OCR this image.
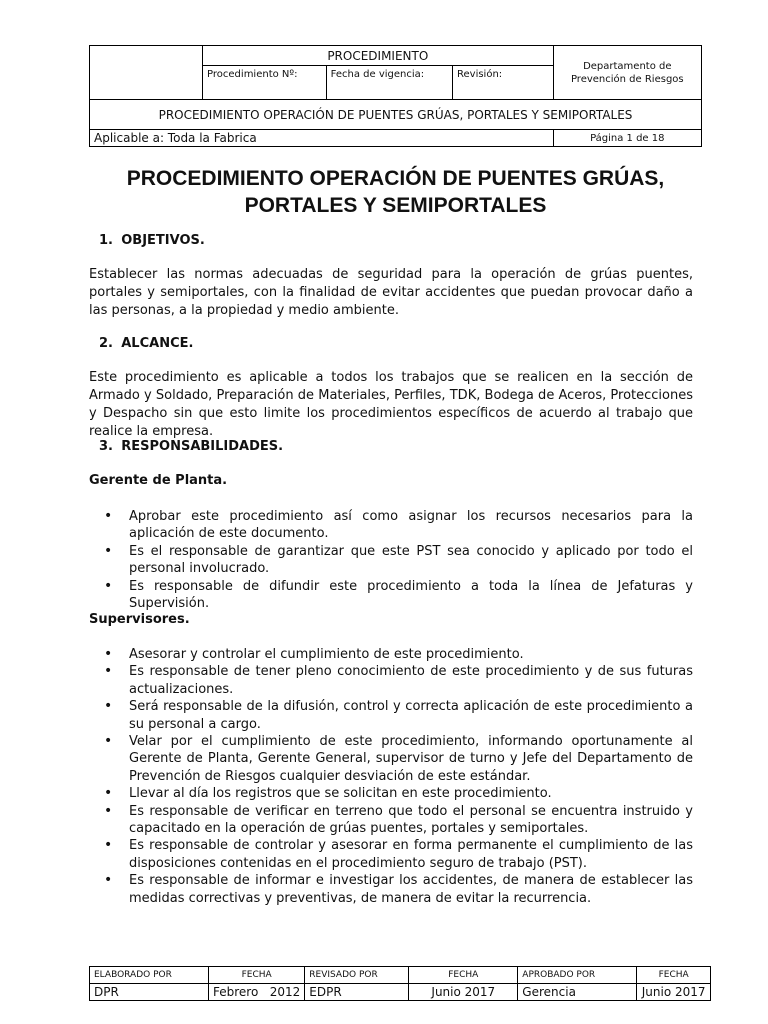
	PROCEDIMIENTO			Departamento de Prevención de Riesgos
	Procedimiento Nº:	Fecha de vigencia:	Revisión:	
PROCEDIMIENTO OPERACIÓN DE PUENTES GRÚAS, PORTALES Y SEMIPORTALES				
Aplicable a: Toda la Fabrica				Página 1 de 18
PROCEDIMIENTO OPERACIÓN DE PUENTES GRÚAS,
PORTALES Y SEMIPORTALES
1. OBJETIVOS.
Establecer las normas adecuadas de seguridad para la operación de grúas puentes, portales y semiportales, con la finalidad de evitar accidentes que puedan provocar daño a las personas, a la propiedad y medio ambiente.
2. ALCANCE.
Este procedimiento es aplicable a todos los trabajos que se realicen en la sección de Armado y Soldado, Preparación de Materiales, Perfiles, TDK, Bodega de Aceros, Protecciones y Despacho sin que esto limite los procedimientos específicos de acuerdo al trabajo que realice la empresa.
3. RESPONSABILIDADES.
Gerente de Planta.
• Aprobar este procedimiento así como asignar los recursos necesarios para la aplicación de este documento.
• Es el responsable de garantizar que este PST sea conocido y aplicado por todo el personal involucrado.
• Es responsable de difundir este procedimiento a toda la línea de Jefaturas y Supervisión.
Supervisores.
• Asesorar y controlar el cumplimiento de este procedimiento.
• Es responsable de tener pleno conocimiento de este procedimiento y de sus futuras actualizaciones.
• Será responsable de la difusión, control y correcta aplicación de este procedimiento a su personal a cargo.
• Velar por el cumplimiento de este procedimiento, informando oportunamente al Gerente de Planta, Gerente General, supervisor de turno y Jefe del Departamento de Prevención de Riesgos cualquier desviación de este estándar.
• Llevar al día los registros que se solicitan en este procedimiento.
• Es responsable de verificar en terreno que todo el personal se encuentra instruido y capacitado en la operación de grúas puentes, portales y semiportales.
• Es responsable de controlar y asesorar en forma permanente el cumplimiento de las disposiciones contenidas en el procedimiento seguro de trabajo (PST).
• Es responsable de informar e investigar los accidentes, de manera de establecer las medidas correctivas y preventivas, de manera de evitar la recurrencia.
ELABORADO POR	FECHA	REVISADO POR	FECHA	APROBADO POR	FECHA
DPR	Febrero   2012	EDPR	Junio 2017	Gerencia	Junio 2017
